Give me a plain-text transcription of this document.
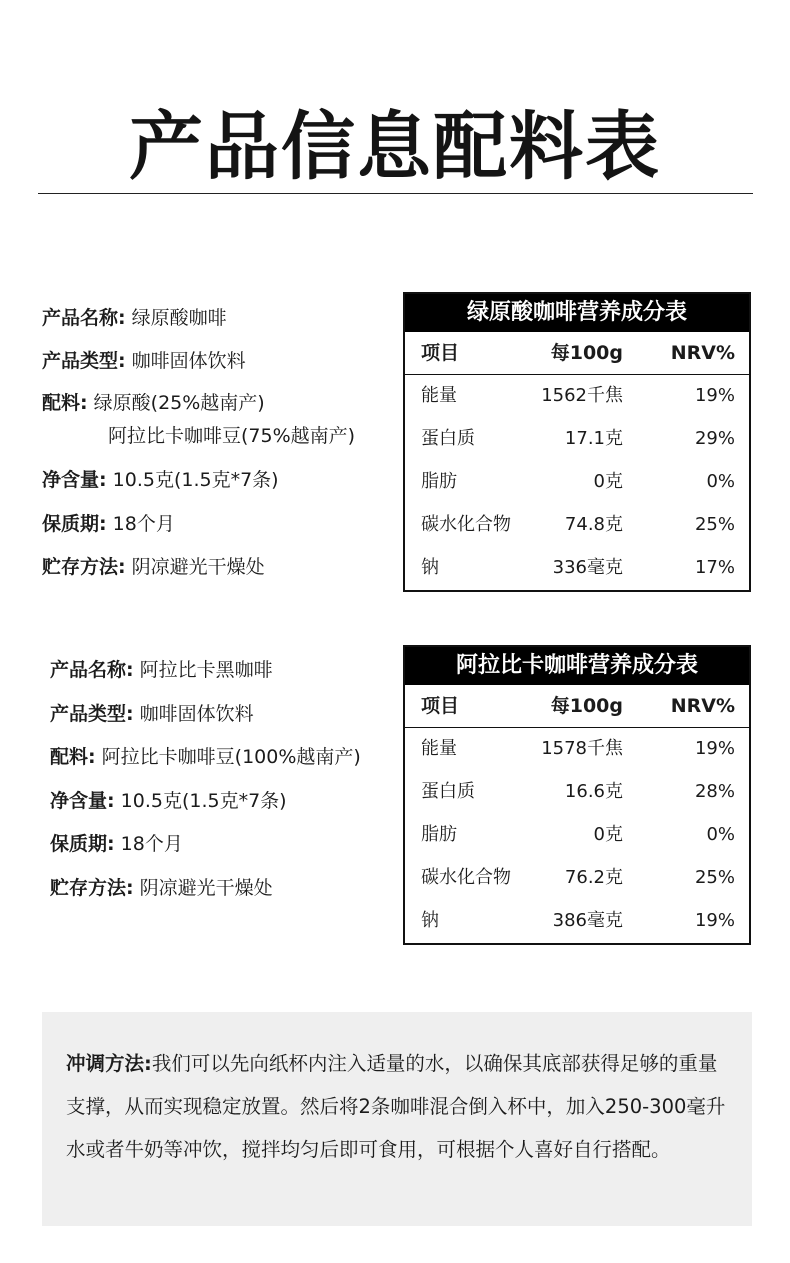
产品信息配料表
产品名称: 绿原酸咖啡
产品类型: 咖啡固体饮料
配料: 绿原酸(25%越南产)
阿拉比卡咖啡豆(75%越南产)
净含量: 10.5克(1.5克*7条)
保质期: 18个月
贮存方法: 阴凉避光干燥处
绿原酸咖啡营养成分表
项目	每100g	NRV%
能量	1562千焦	19%
蛋白质	17.1克	29%
脂肪	0克	0%
碳水化合物	74.8克	25%
钠	336毫克	17%
产品名称: 阿拉比卡黑咖啡
产品类型: 咖啡固体饮料
配料: 阿拉比卡咖啡豆(100%越南产)
净含量: 10.5克(1.5克*7条)
保质期: 18个月
贮存方法: 阴凉避光干燥处
阿拉比卡咖啡营养成分表
项目	每100g	NRV%
能量	1578千焦	19%
蛋白质	16.6克	28%
脂肪	0克	0%
碳水化合物	76.2克	25%
钠	386毫克	19%
冲调方法:我们可以先向纸杯内注入适量的水，以确保其底部获得足够的重量支撑，从而实现稳定放置。然后将2条咖啡混合倒入杯中，加入250-300毫升水或者牛奶等冲饮，搅拌均匀后即可食用，可根据个人喜好自行搭配。
